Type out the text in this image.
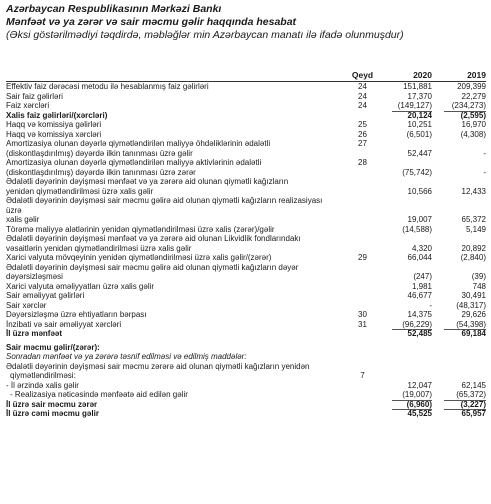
Azərbaycan Respublikasının Mərkəzi Bankı
Mənfəət və ya zərər və sair məcmu gəlir haqqında hesabat
(Əksi göstərilmədiyi təqdirdə, məbləğlər min Azərbaycan manatı ilə ifadə olunmuşdur)
Qeyd	2020	2019
Effektiv faiz dərəcəsi metodu ilə hesablanmış faiz gəlirləri	24	151,881	209,399
Sair faiz gəlirləri	24	17,370	22,279
Faiz xərcləri	24	(149,127)	(234,273)
Xalis faiz gəlirləri/(xərcləri)	20,124	(2,595)
Haqq və komissiya gəlirləri	25	10,251	16,970
Haqq və komissiya xərcləri	26	(6,501)	(4,308)
Amortizasiya olunan dəyərlə qiymətləndirilən maliyyə öhdəliklərinin ədalətli	27
(diskontlaşdırılmış) dəyərdə ilkin tanınması üzrə gəlir	52,447	-
Amortizasiya olunan dəyərlə qiymətləndirilən maliyyə aktivlərinin ədalətli	28
(diskontlaşdırılmış) dəyərdə ilkin tanınması üzrə zərər	(75,742)	-
Ədalətli dəyərinin dəyişməsi mənfəət və ya zərərə aid olunan qiymətli kağızların
yenidən qiymətləndirilməsi üzrə xalis gəlir	10,566	12,433
Ədalətli dəyərinin dəyişməsi sair məcmu gəlirə aid olunan qiymətli kağızların realizasiyası üzrə
xalis gəlir	19,007	65,372
Törəmə maliyyə alətlərinin yenidən qiymətləndirilməsi üzrə xalis (zərər)/gəlir	(14,588)	5,149
Ədalətli dəyərinin dəyişməsi mənfəət və ya zərərə aid olunan Likvidlik fondlarındakı
vəsaitlərin yenidən qiymətləndirilməsi üzrə xalis gəlir	4,320	20,892
Xarici valyuta mövqeyinin yenidən qiymətləndirilməsi üzrə xalis gəlir/(zərər)	29	66,044	(2,840)
Ədalətli dəyərinin dəyişməsi sair məcmu gəlirə aid olunan qiymətli kağızların dəyər
dəyərsizləşməsi	(247)	(39)
Xarici valyuta əməliyyatları üzrə xalis gəlir	1,981	748
Sair əməliyyat gəlirləri	46,677	30,491
Sair xərclər	-	(48,317)
Dəyərsizləşmə üzrə ehtiyatların bərpası	30	14,375	29,626
İnzibati və sair əməliyyat xərcləri	31	(96,229)	(54,398)
İl üzrə mənfəət	52,485	69,184
Sair məcmu gəlir/(zərər):
Sonradan mənfəət və ya zərərə təsnif edilməsi və edilmiş maddələr:
Ədalətli dəyərinin dəyişməsi sair məcmu zərərə aid olunan qiymətli kağızların yenidən
qiymətləndirilməsi:	7
- İl ərzində xalis gəlir	12,047	62,145
- Realizasiya nəticəsində mənfəətə aid edilən gəlir	(19,007)	(65,372)
İl üzrə sair məcmu zərər	(6,960)	(3,227)
İl üzrə cəmi məcmu gəlir	45,525	65,957
